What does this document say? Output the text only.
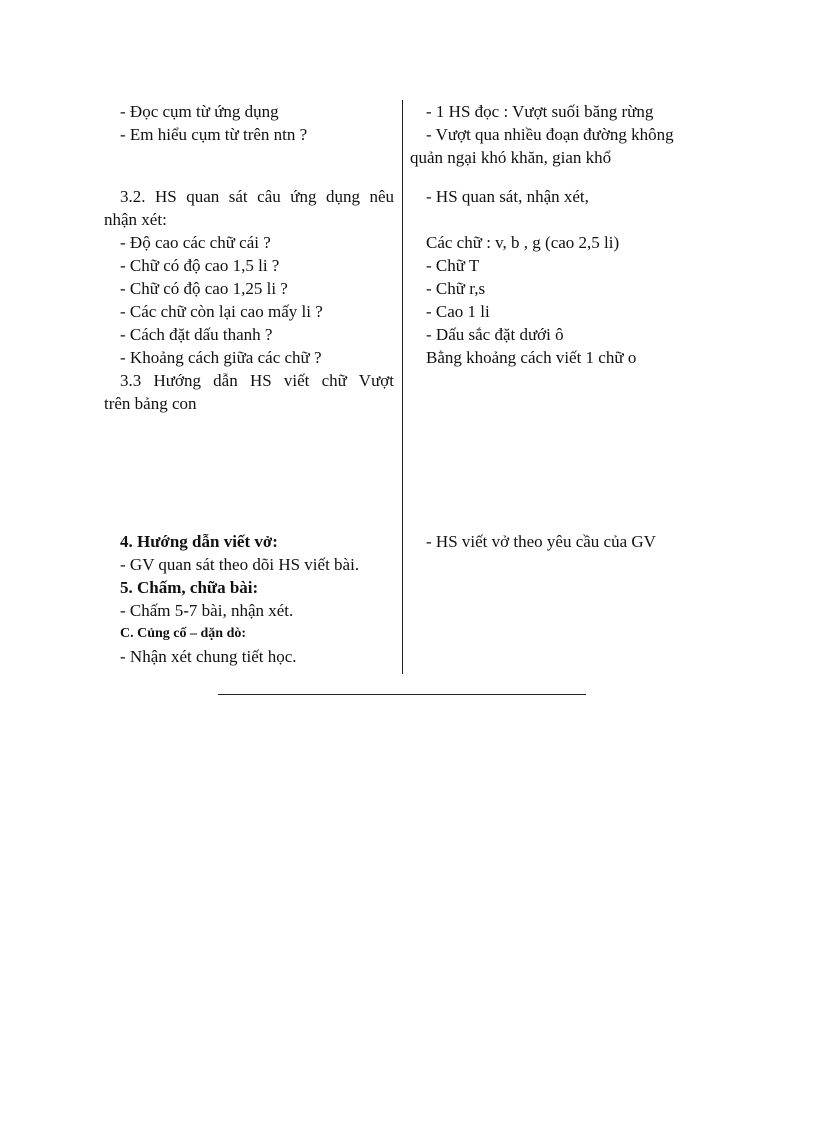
- Đọc cụm từ ứng dụng
- Em hiểu cụm từ trên ntn ?
3.2. HS quan sát câu ứng dụng nêu
nhận xét:
- Độ cao các chữ cái ?
- Chữ có độ cao 1,5 li ?
- Chữ có độ cao 1,25 li ?
- Các chữ còn lại cao mấy li ?
- Cách đặt dấu thanh ?
- Khoảng cách giữa các chữ ?
3.3 Hướng dẫn HS viết chữ Vượt
trên bảng con
4. Hướng dẫn viết vở:
- GV quan sát theo dõi HS viết bài.
5. Chấm, chữa bài:
- Chấm 5-7 bài, nhận xét.
C. Củng cố – dặn dò:
- Nhận xét chung tiết học.
- 1 HS đọc : Vượt suối băng rừng
- Vượt qua nhiều đoạn đường không
quản ngại khó khăn, gian khổ
- HS quan sát, nhận xét,
Các chữ : v, b , g (cao 2,5 li)
- Chữ T
- Chữ r,s
- Cao 1 li
- Dấu sắc đặt dưới ô
Bằng khoảng cách viết 1 chữ o
- HS viết vở theo yêu cầu của GV
